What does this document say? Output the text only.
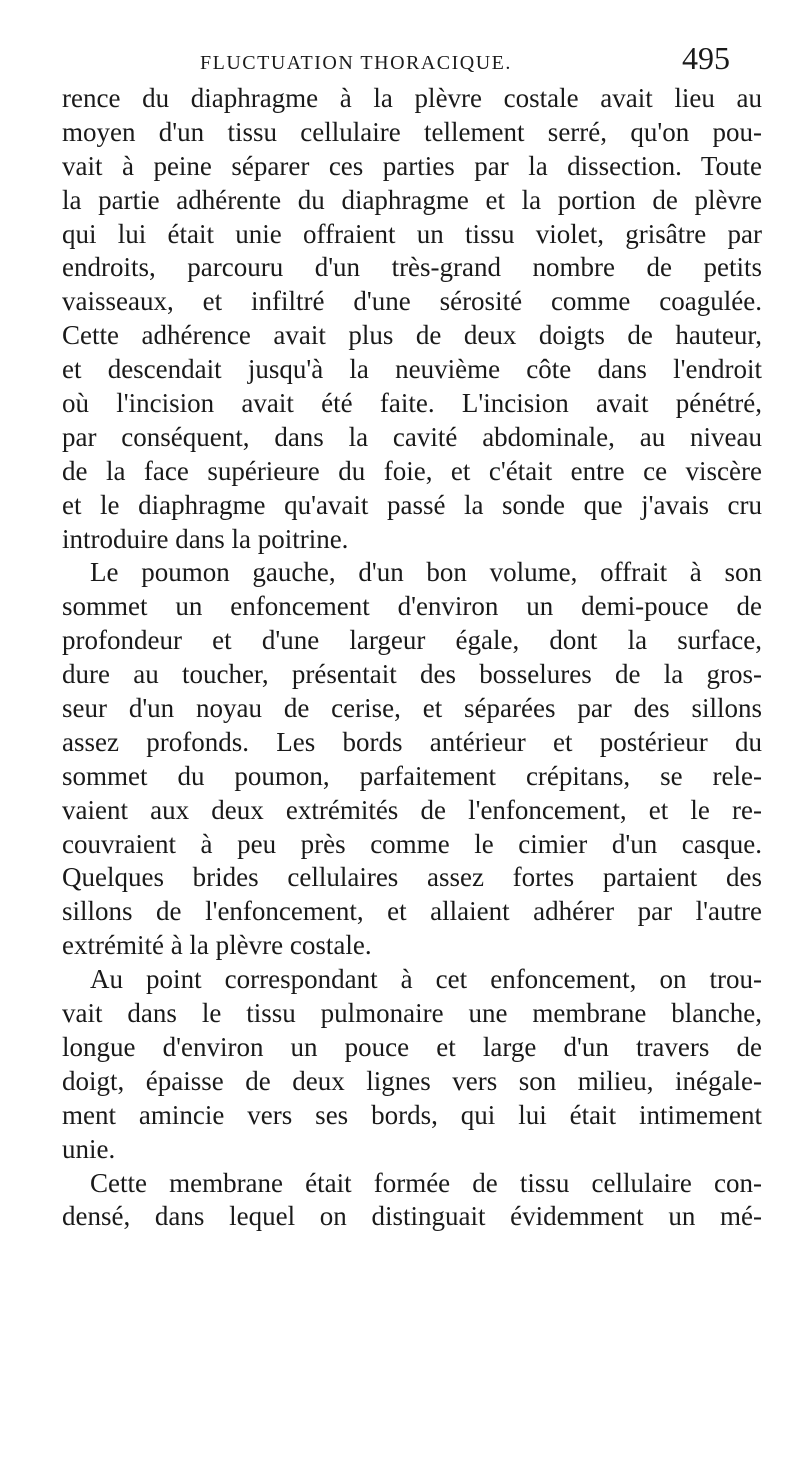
FLUCTUATION THORACIQUE.	495
rence du diaphragme à la plèvre costale avait lieu au
moyen d'un tissu cellulaire tellement serré, qu'on pou-
vait à peine séparer ces parties par la dissection. Toute
la partie adhérente du diaphragme et la portion de plèvre
qui lui était unie offraient un tissu violet, grisâtre par
endroits, parcouru d'un très-grand nombre de petits
vaisseaux, et infiltré d'une sérosité comme coagulée.
Cette adhérence avait plus de deux doigts de hauteur,
et descendait jusqu'à la neuvième côte dans l'endroit
où l'incision avait été faite. L'incision avait pénétré,
par conséquent, dans la cavité abdominale, au niveau
de la face supérieure du foie, et c'était entre ce viscère
et le diaphragme qu'avait passé la sonde que j'avais cru
introduire dans la poitrine.
Le poumon gauche, d'un bon volume, offrait à son
sommet un enfoncement d'environ un demi-pouce de
profondeur et d'une largeur égale, dont la surface,
dure au toucher, présentait des bosselures de la gros-
seur d'un noyau de cerise, et séparées par des sillons
assez profonds. Les bords antérieur et postérieur du
sommet du poumon, parfaitement crépitans, se rele-
vaient aux deux extrémités de l'enfoncement, et le re-
couvraient à peu près comme le cimier d'un casque.
Quelques brides cellulaires assez fortes partaient des
sillons de l'enfoncement, et allaient adhérer par l'autre
extrémité à la plèvre costale.
Au point correspondant à cet enfoncement, on trou-
vait dans le tissu pulmonaire une membrane blanche,
longue d'environ un pouce et large d'un travers de
doigt, épaisse de deux lignes vers son milieu, inégale-
ment amincie vers ses bords, qui lui était intimement
unie.
Cette membrane était formée de tissu cellulaire con-
densé, dans lequel on distinguait évidemment un mé-
